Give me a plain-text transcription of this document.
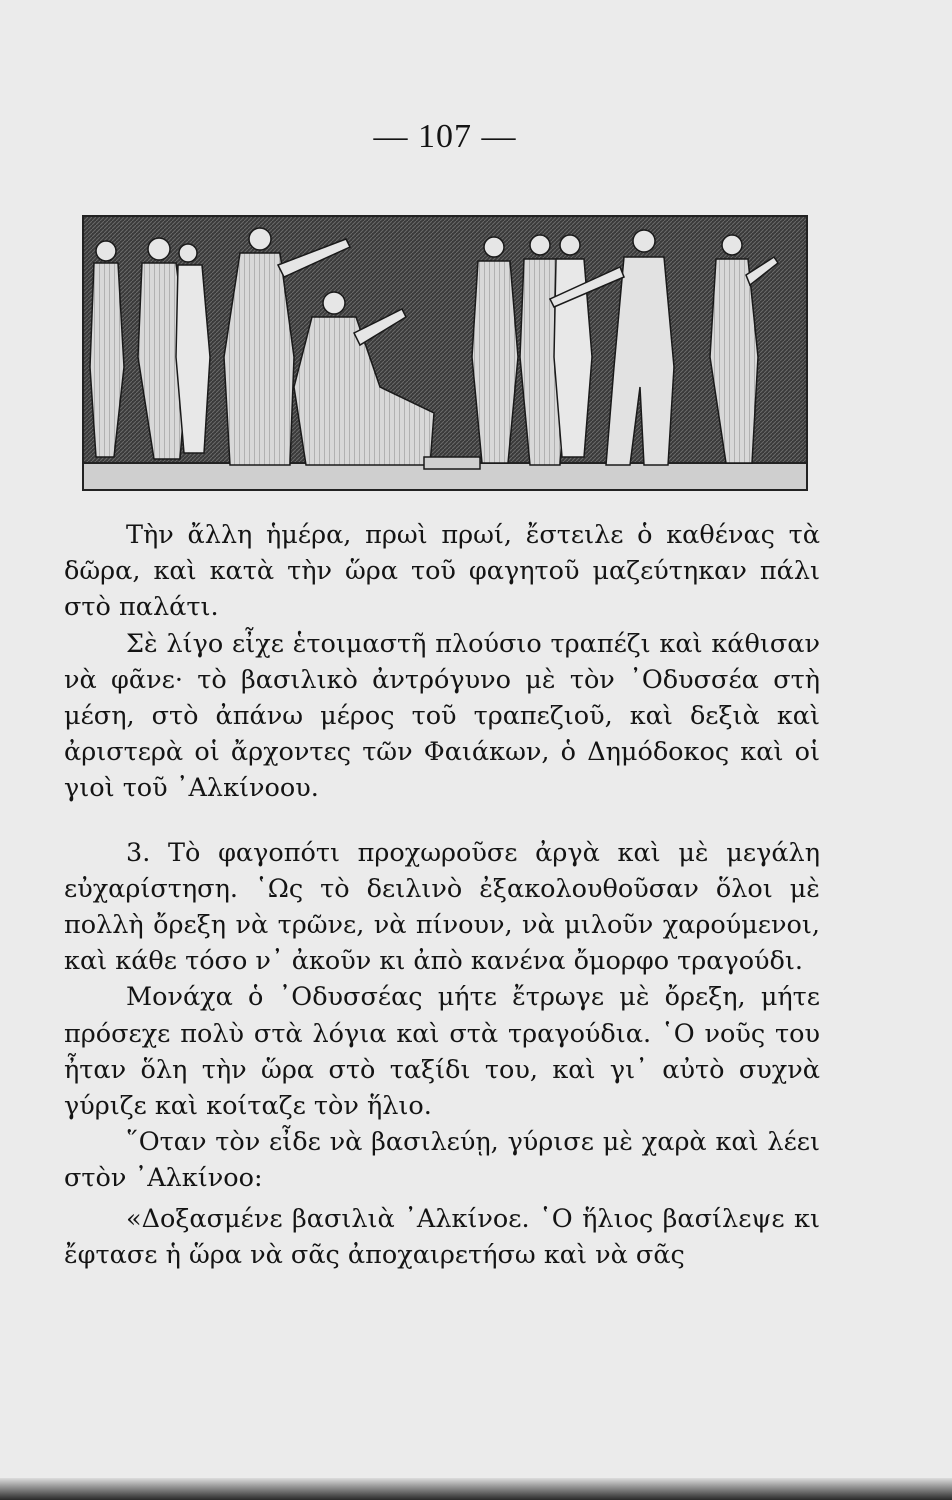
— 107 —

Τὴν ἄλλη ἡμέρα, πρωὶ πρωί, ἔστειλε ὁ καθένας τὰ δῶρα, καὶ κατὰ τὴν ὥρα τοῦ φαγητοῦ μαζεύτηκαν πάλι στὸ παλάτι.

Σὲ λίγο εἶχε ἑτοιμαστῆ πλούσιο τραπέζι καὶ κάθισαν νὰ φᾶνε· τὸ βασιλικὸ ἀντρόγυνο μὲ τὸν ᾿Οδυσσέα στὴ μέση, στὸ ἀπάνω μέρος τοῦ τραπεζιοῦ, καὶ δεξιὰ καὶ ἀριστερὰ οἱ ἄρχοντες τῶν Φαιάκων, ὁ Δημόδοκος καὶ οἱ γιοὶ τοῦ ᾿Αλκίνοου.

3. Τὸ φαγοπότι προχωροῦσε ἀργὰ καὶ μὲ μεγάλη εὐχαρίστηση. ῾Ως τὸ δειλινὸ ἐξακολουθοῦσαν ὅλοι μὲ πολλὴ ὄρεξη νὰ τρῶνε, νὰ πίνουν, νὰ μιλοῦν χαρούμενοι, καὶ κάθε τόσο ν᾿ ἀκοῦν κι ἀπὸ κανένα ὄμορφο τραγούδι.

Μονάχα ὁ ᾿Οδυσσέας μήτε ἔτρωγε μὲ ὄρεξη, μήτε πρόσεχε πολὺ στὰ λόγια καὶ στὰ τραγούδια. ῾Ο νοῦς του ἦταν ὅλη τὴν ὥρα στὸ ταξίδι του, καὶ γι᾿ αὐτὸ συχνὰ γύριζε καὶ κοίταζε τὸν ἥλιο.

῞Οταν τὸν εἶδε νὰ βασιλεύῃ, γύρισε μὲ χαρὰ καὶ λέει στὸν ᾿Αλκίνοο:

«Δοξασμένε βασιλιὰ ᾿Αλκίνοε. ῾Ο ἥλιος βασίλεψε κι ἔφτασε ἡ ὥρα νὰ σᾶς ἀποχαιρετήσω καὶ νὰ σᾶς
